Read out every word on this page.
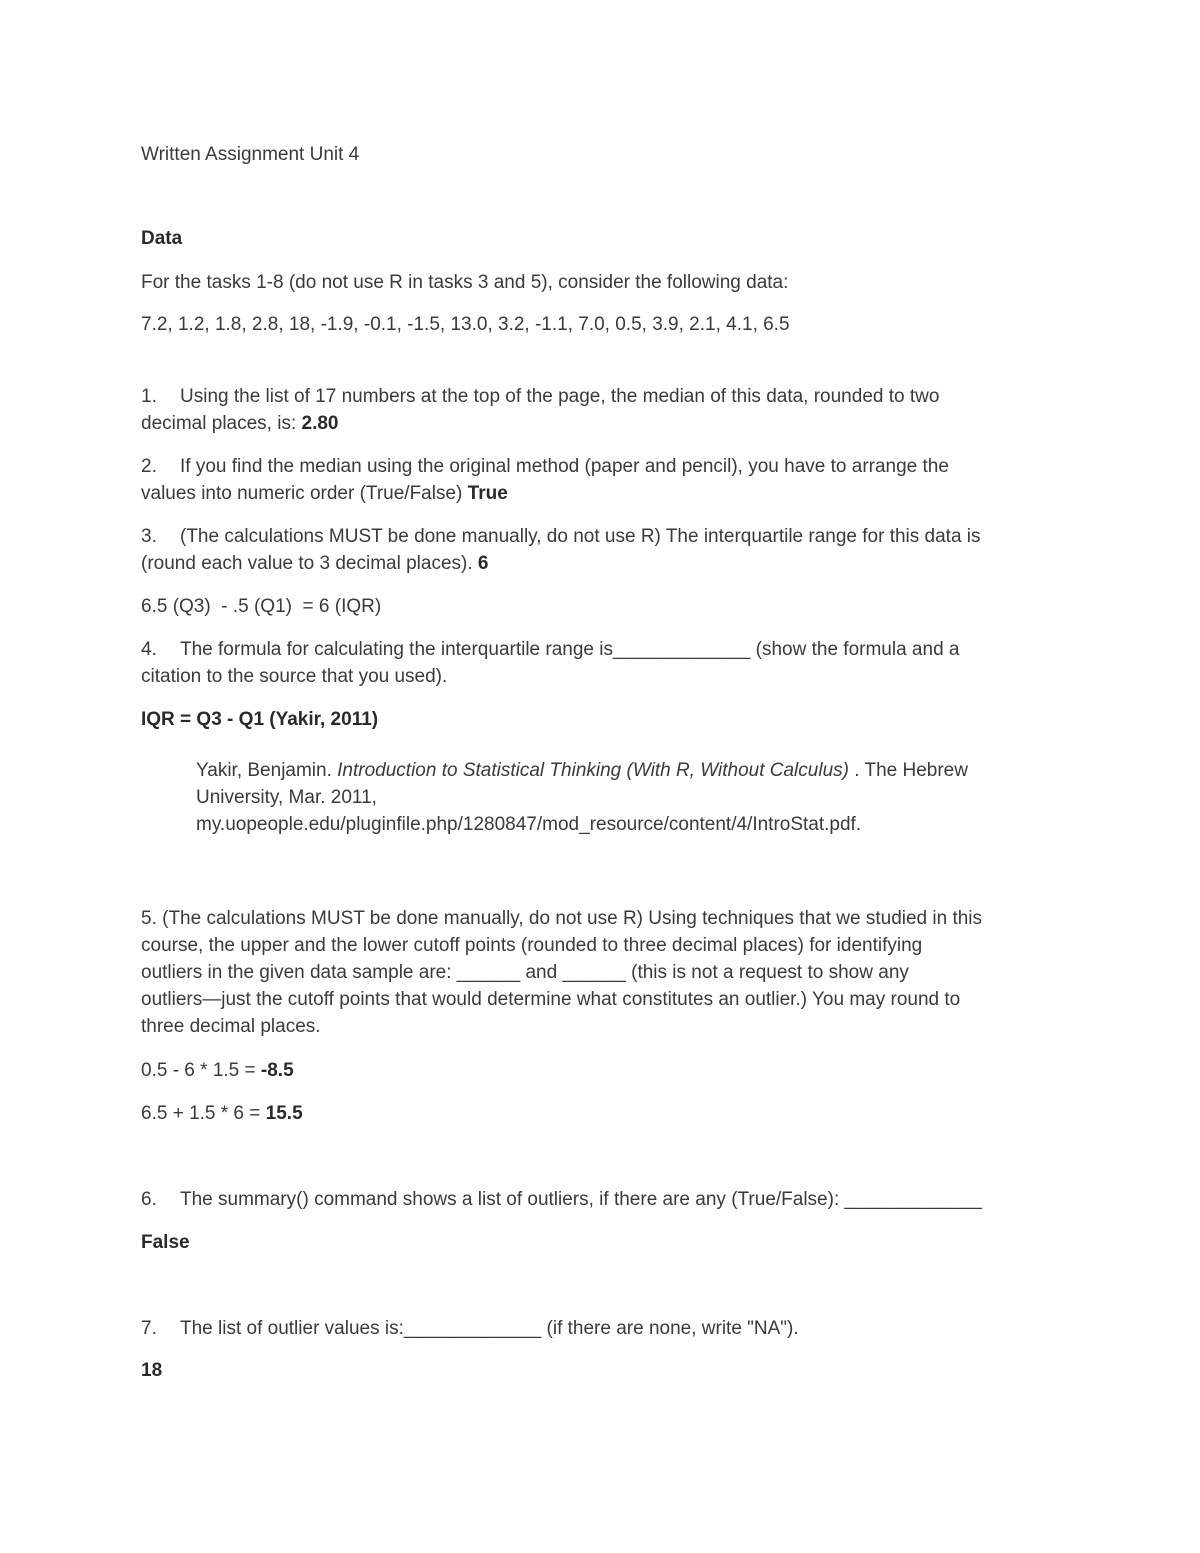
Written Assignment Unit 4

Data

For the tasks 1-8 (do not use R in tasks 3 and 5), consider the following data:

7.2, 1.2, 1.8, 2.8, 18, -1.9, -0.1, -1.5, 13.0, 3.2, -1.1, 7.0, 0.5, 3.9, 2.1, 4.1, 6.5

1. Using the list of 17 numbers at the top of the page, the median of this data, rounded to two

decimal places, is: 2.80

2. If you find the median using the original method (paper and pencil), you have to arrange the

values into numeric order (True/False) True

3. (The calculations MUST be done manually, do not use R) The interquartile range for this data is

(round each value to 3 decimal places). 6

6.5 (Q3)  - .5 (Q1)  = 6 (IQR)

4. The formula for calculating the interquartile range is_____________ (show the formula and a

citation to the source that you used).

IQR = Q3 - Q1 (Yakir, 2011)

Yakir, Benjamin. Introduction to Statistical Thinking (With R, Without Calculus) . The Hebrew
University, Mar. 2011,
my.uopeople.edu/pluginfile.php/1280847/mod_resource/content/4/IntroStat.pdf.
5. (The calculations MUST be done manually, do not use R) Using techniques that we studied in this
course, the upper and the lower cutoff points (rounded to three decimal places) for identifying
outliers in the given data sample are: ______ and ______ (this is not a request to show any
outliers—just the cutoff points that would determine what constitutes an outlier.) You may round to
three decimal places.

0.5 - 6 * 1.5 = -8.5

6.5 + 1.5 * 6 = 15.5

6. The summary() command shows a list of outliers, if there are any (True/False): _____________

False

7. The list of outlier values is:_____________ (if there are none, write "NA").

18
